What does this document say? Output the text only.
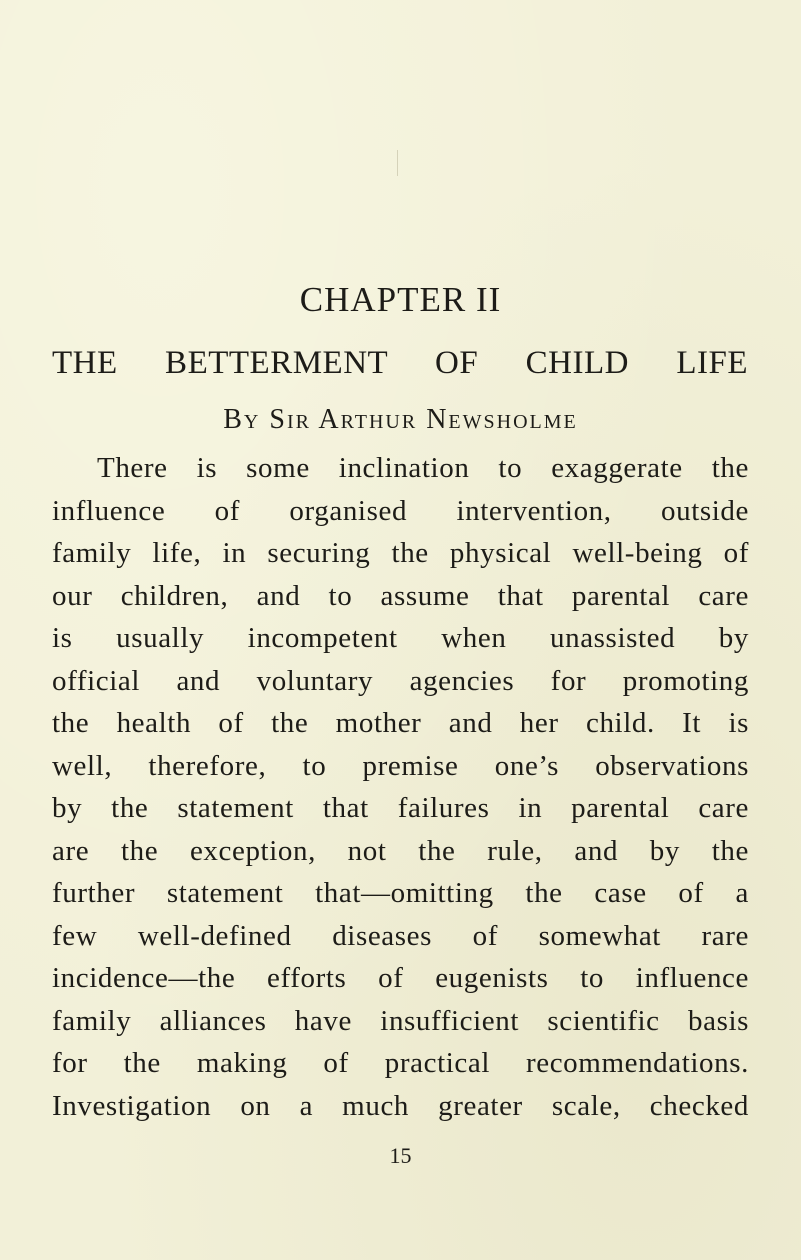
CHAPTER II
THE BETTERMENT OF CHILD LIFE

By Sir Arthur Newsholme

There is some inclination to exaggerate the
influence of organised intervention, outside
family life, in securing the physical well-being of
our children, and to assume that parental care
is usually incompetent when unassisted by
official and voluntary agencies for promoting
the health of the mother and her child. It is
well, therefore, to premise one’s observations
by the statement that failures in parental care
are the exception, not the rule, and by the
further statement that—omitting the case of a
few well-defined diseases of somewhat rare
incidence—the efforts of eugenists to influence
family alliances have insufficient scientific basis
for the making of practical recommendations.
Investigation on a much greater scale, checked

15
